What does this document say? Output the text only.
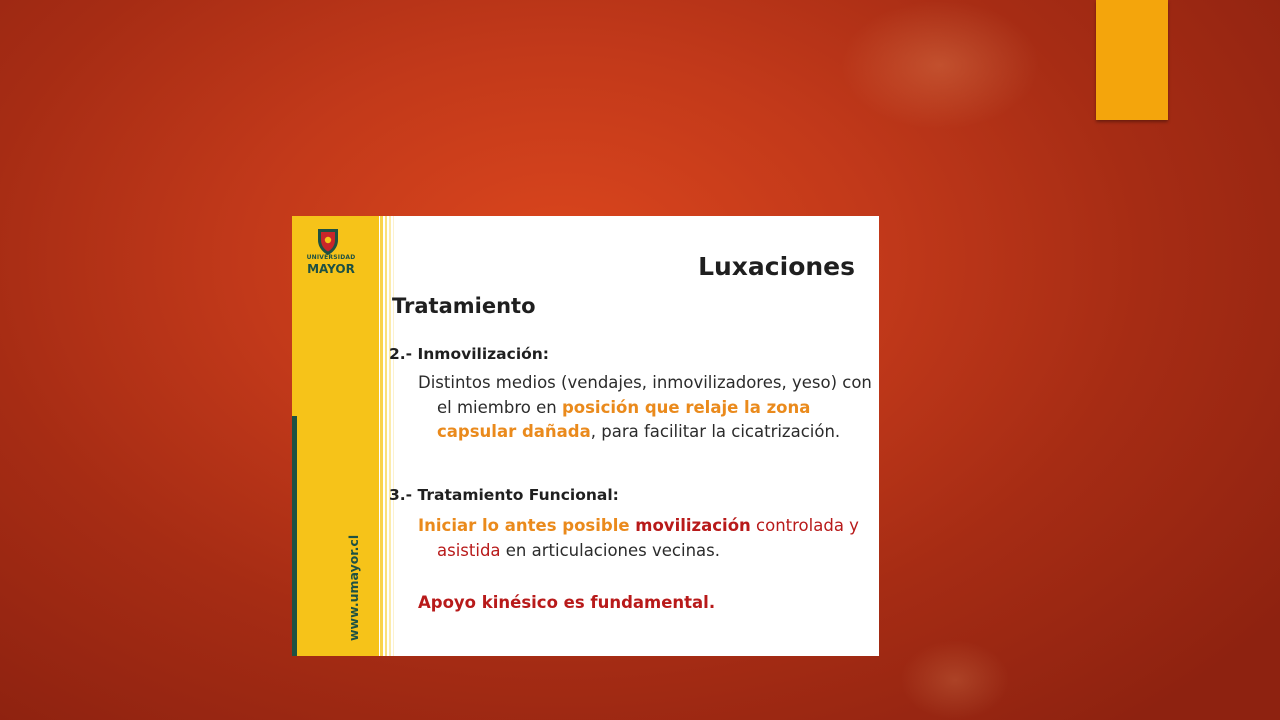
UNIVERSIDAD
MAYOR
www.umayor.cl
Luxaciones
Tratamiento
2.- Inmovilización:
Distintos medios (vendajes, inmovilizadores, yeso) con el miembro en posición que relaje la zona capsular dañada, para facilitar la cicatrización.
3.- Tratamiento Funcional:
Iniciar lo antes posible movilización controlada y asistida en articulaciones vecinas.
Apoyo kinésico es fundamental.
